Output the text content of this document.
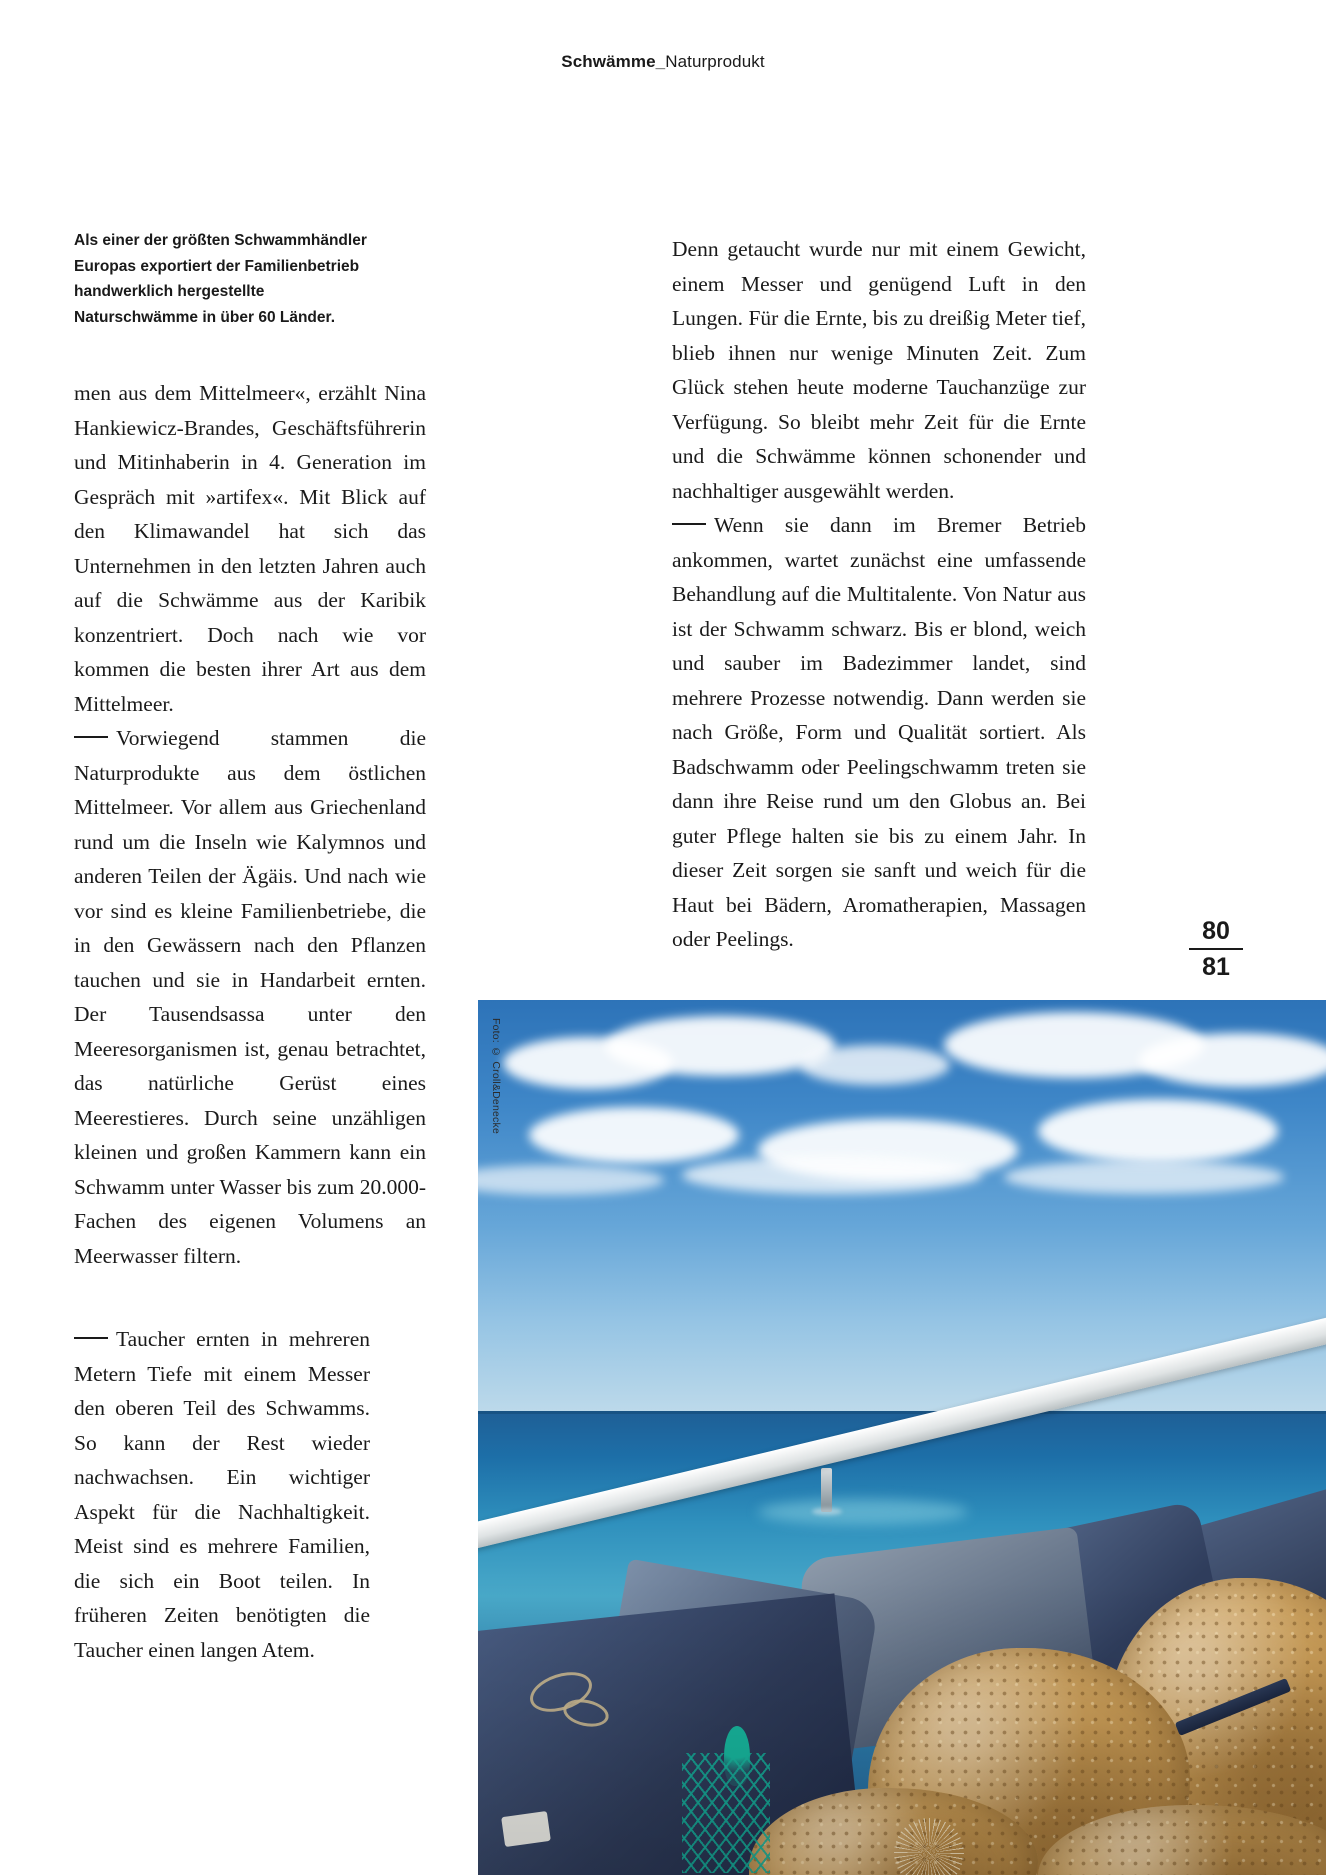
Schwämme_Naturprodukt

Als einer der größten Schwammhändler Europas exportiert der Familienbetrieb handwerklich hergestellte Naturschwämme in über 60 Länder.

men aus dem Mittelmeer«, erzählt Nina Hankiewicz-Brandes, Geschäftsführerin und Mitinhaberin in 4. Generation im Gespräch mit »artifex«. Mit Blick auf den Klimawandel hat sich das Unternehmen in den letzten Jahren auch auf die Schwämme aus der Karibik konzentriert. Doch nach wie vor kommen die besten ihrer Art aus dem Mittelmeer.

Vorwiegend stammen die Naturprodukte aus dem östlichen Mittelmeer. Vor allem aus Griechenland rund um die Inseln wie Kalymnos und anderen Teilen der Ägäis. Und nach wie vor sind es kleine Familienbetriebe, die in den Gewässern nach den Pflanzen tauchen und sie in Handarbeit ernten. Der Tausendsassa unter den Meeresorganismen ist, genau betrachtet, das natürliche Gerüst eines Meerestieres. Durch seine unzähligen kleinen und großen Kammern kann ein Schwamm unter Wasser bis zum 20.000-Fachen des eigenen Volumens an Meerwasser filtern.

Denn getaucht wurde nur mit einem Gewicht, einem Messer und genügend Luft in den Lungen. Für die Ernte, bis zu dreißig Meter tief, blieb ihnen nur wenige Minuten Zeit. Zum Glück stehen heute moderne Tauchanzüge zur Verfügung. So bleibt mehr Zeit für die Ernte und die Schwämme können schonender und nachhaltiger ausgewählt werden.

Wenn sie dann im Bremer Betrieb ankommen, wartet zunächst eine umfassende Behandlung auf die Multitalente. Von Natur aus ist der Schwamm schwarz. Bis er blond, weich und sauber im Badezimmer landet, sind mehrere Prozesse notwendig. Dann werden sie nach Größe, Form und Qualität sortiert. Als Badschwamm oder Peelingschwamm treten sie dann ihre Reise rund um den Globus an. Bei guter Pflege halten sie bis zu einem Jahr. In dieser Zeit sorgen sie sanft und weich für die Haut bei Bädern, Aromatherapien, Massagen oder Peelings.	80
81
Foto: © Croll&Denecke

Taucher ernten in mehreren Metern Tiefe mit einem Messer den oberen Teil des Schwamms. So kann der Rest wieder nachwachsen. Ein wichtiger Aspekt für die Nachhaltigkeit. Meist sind es mehrere Familien, die sich ein Boot teilen. In früheren Zeiten benötigten die Taucher einen langen Atem.
